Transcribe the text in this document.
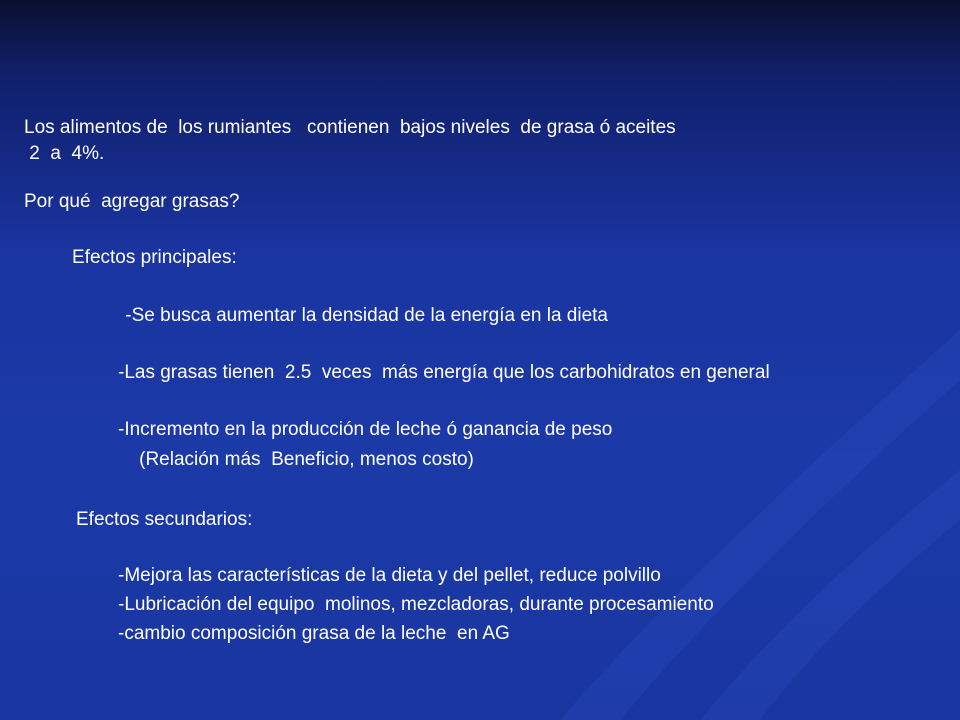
Los alimentos de  los rumiantes   contienen  bajos niveles  de grasa ó aceites
2  a  4%.
Por qué  agregar grasas?
Efectos principales:
-Se busca aumentar la densidad de la energía en la dieta
-Las grasas tienen  2.5  veces  más energía que los carbohidratos en general
-Incremento en la producción de leche ó ganancia de peso
(Relación más  Beneficio, menos costo)
Efectos secundarios:
-Mejora las características de la dieta y del pellet, reduce polvillo
-Lubricación del equipo  molinos, mezcladoras, durante procesamiento
-cambio composición grasa de la leche  en AG
